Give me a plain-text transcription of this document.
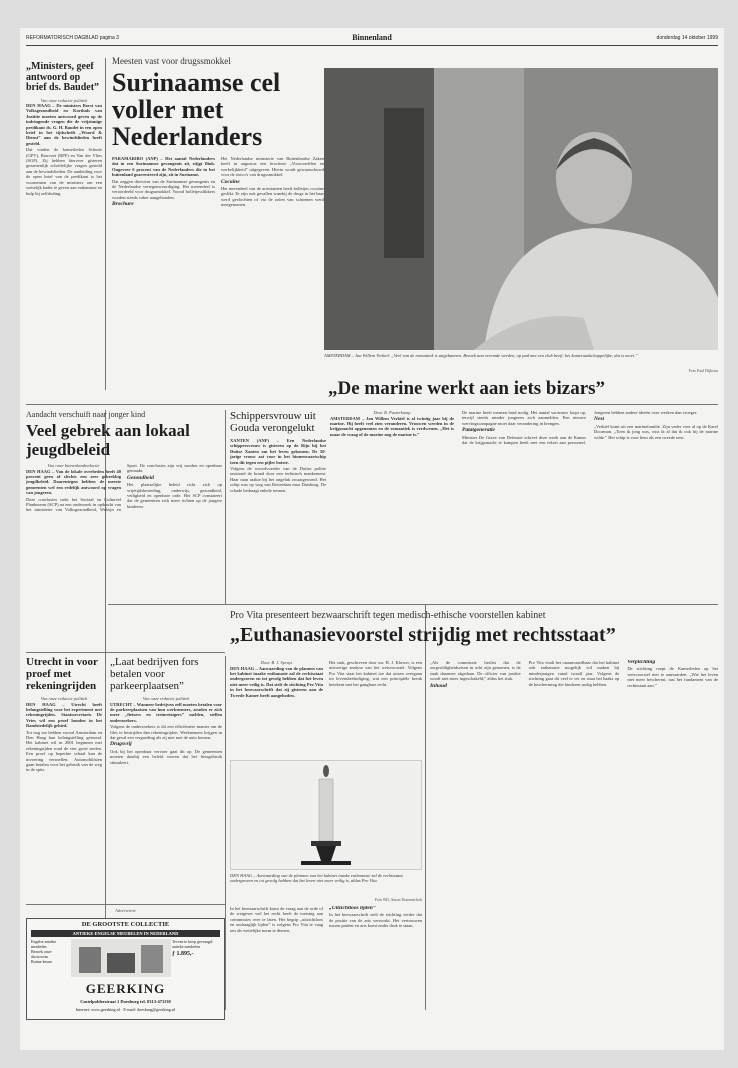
REFORMATORISCH DAGBLAD pagina 3	Binnenland	donderdag 14 oktober 1999
„Ministers, geef antwoord op brief ds. Baudet”
Van onze redactie politiek

DEN HAAG – De ministers Borst van Volksgezondheid en Korthals van Justitie moeten antwoord geven op de indringende vragen die de vrijzinnige predikant ds. G. H. Baudet in een open brief in het tijdschrift „Woord & Dienst” aan de bewindslieden heeft gesteld.

Dat vinden de kamerleden Schutte (GPV), Rouvoet (RPF) en Van der Vlies (SGP). Zij hebben hierover gisteren gezamenlijk schriftelijke vragen gesteld aan de bewindslieden. De aanleiding voor de open brief van de predikant is het voornemen van de ministers om een wettelijk kader te geven aan euthanasie en hulp bij zelfdoding.

Meesten vast voor drugssmokkel
Surinaamse cel voller met Nederlanders

PARAMARIBO (ANP) – Het aantal Nederlanders dat in een Surinaamse gevangenis zit, stijgt flink. Ongeveer 6 procent van de Nederlanders die in het buitenland gearresteerd zijn, zit in Suriname.

Dat zeggen directeur van de Surinaamse gevangenis en de Nederlandse vertegenwoordiging. Het merendeel is veroordeeld voor drugssmokkel. Vooral bolletjesslikkers worden steeds vaker aangehouden.

Brochure

Het Nederlandse ministerie van Buitenlandse Zaken heeft in augustus een brochure „Vooroordelen en werkelijkheid” uitgegeven. Hierin wordt gewaarschuwd voor de risico's van drugssmokkel.

Cocaïne

Het merendeel van de arrestanten heeft bolletjes cocaïne geslikt. Er zijn ook gevallen waarbij de drugs in het haar werd gevlochten of via de zolen van schoenen werd meegenomen.

AMSTERDAM – Jan Willem Verkiel: „Veel van de romantiek is uitgebannen. Bezoek aan vreemde werden, op pad met een club heeft, het kameraadschappelijke, dat is moet.”
Foto Paul Dijkstra
„De marine werkt aan iets bizars”
Aandacht verschuift naar jonger kind
Veel gebrek aan lokaal jeugdbeleid
Van onze binnenlandredactie

DEN HAAG – Van de lokale overheden heeft 40 procent geen of slechts een zeer gebrekkig jeugdbeleid. Daarentegen hebben de meeste gemeenten wel een redelijk antwoord op vragen van jongeren.

Deze conclusies trekt het Sociaal en Cultureel Planbureau (SCP) na een onderzoek in opdracht van het ministerie van Volksgezondheid, Welzijn en Sport. De conclusies zijn vrij somber en openbaar gemaakt.

Gezondheid

Het plaatselijke beleid richt zich op vrijetijdsbesteding, onderwijs, gezondheid, veiligheid en openbare orde. Het SCP constateert dat de gemeenten zich meer richten op de jongere kinderen.

Schippersvrouw uit Gouda verongelukt

XANTEN (ANP) – Een Nederlandse schippersvrouw is gisteren op de Rijn bij het Duitse Xanten om het leven gekomen. De 50-jarige vrouw zat voor in het binnenvaartschip toen dit tegen een pijler botste.

Volgens de woordvoerder van de Duitse politie ontstond de brand door een technisch mankement. Haar man raakte bij het ongeluk zwaargewond. Het schip was op weg van Rotterdam naar Duisburg. De schade bedraagt enkele tonnen.

Door R. Pasterkamp

AMSTERDAM – Jan Willem Verkiel is al twintig jaar bij de marine. Hij heeft veel zien veranderen. Vrouwen werden in de krijgsmacht opgenomen en de romantiek is verdwenen. „Het is maar de vraag of de marine nog de marine is.”

De marine heeft mensen hard nodig. Het aantal vacatures loopt op, terwijl steeds minder jongeren zich aanmelden. Een nieuwe wervingscampagne moet daar verandering in brengen.

Patatgeneratie

Minister De Grave van Defensie schreef deze week aan de Kamer dat de krijgsmacht te kampen heeft met een tekort aan personeel. Jongeren hebben andere ideeën over werken dan vroeger.

Nest

„Verkiel komt uit een marinefamilie. Zijn vader voer al op de Karel Doorman. „Toen ik jong was, wist ik al dat ik ook bij de marine wilde.” Het schip is voor hem als een tweede nest.

Utrecht in voor proef met rekeningrijden
Van onze redactie politiek

DEN HAAG – Utrecht heeft belangstelling voor het experiment met rekeningrijden. Staatssecretaris De Vries wil een proef houden in het Randstedelijk gebied.

Tot nog toe hebben vooral Amsterdam en Den Haag hun belangstelling getoond. Het kabinet wil in 2001 beginnen met rekeningrijden rond de vier grote steden. Een proef op beperkte schaal kan de invoering versnellen. Automobilisten gaan betalen voor het gebruik van de weg in de spits.

„Laat bedrijven fors betalen voor parkeerplaatsen”
Van onze redactie politiek

UTRECHT – Wanneer bedrijven zelf moeten betalen voor de parkeerplaatsen van hun werknemers, zouden er zich meer „fietsers en treinreizigers” melden, stellen onderzoekers.

Volgens de onderzoekers is dit een efficiëntere manier om de files te bestrijden dan rekeningrijden. Werknemers krijgen in dat geval een vergoeding als zij niet met de auto komen.

Drugsvrij

Ook bij het openbaar vervoer gaat dit op. De gemeenten moeten daarbij een beleid voeren dat het fietsgebruik stimuleert.

Advertentie
DE GROOTSTE COLLECTIE
ANTIEKE ENGELSE MEUBELEN IN NEDERLAND
Engelse antieke meubelen
Bezoek onze showroom
Ruime keuze
Tevens te koop gevraagd:
antieke meubelen
ƒ 1.895,-
GEERKING
Castelpolderstraat 1 Doesburg tel. 0313-471130
Internet: www.geerking.nl · E-mail: doesburg@geerking.nl
Pro Vita presenteert bezwaarschrift tegen medisch-ethische voorstellen kabinet
„Euthanasievoorstel strijdig met rechtsstaat”
Door B. J. Spruyt

DEN HAAG – Aanvaarding van de plannen van het kabinet inzake euthanasie zal de rechtsstaat ondergraven en tot gevolg hebben dat het leven niet meer veilig is. Dat stelt de stichting Pro Vita in het bezwaarschrift dat zij gisteren aan de Tweede Kamer heeft aangeboden.

Het stuk, geschreven door mr. H. J. Kluwer, is een uitvoerige analyse van het wetsvoorstel. Volgens Pro Vita staat het kabinet toe dat artsen overgaan tot levensbeëindiging, wat een principiële breuk betekent met het gangbare recht.

DEN HAAG – Aanvaarding van de plannen van het kabinet inzake euthanasie zal de rechtsstaat ondergraven en tot gevolg hebben dat het leven niet meer veilig is, aldus Pro Vita.
Foto RD, Anton Dommerholt

In het bezwaarschrift komt de vraag aan de orde of de wetgever wel het recht heeft de toetsing aan commissies over te laten. Het begrip „uitzichtloos en ondraaglijk lijden” is volgens Pro Vita te vaag om als wettelijke norm te dienen.

„Uitzichtloos lijden”

In het bezwaarschrift stelt de stichting verder dat de positie van de arts verzwakt. Het vertrouwen tussen patiënt en arts komt onder druk te staan.

„Als de commissie beslist dat de zorgvuldigheidseisen in acht zijn genomen, is de zaak daarmee afgedaan. De officier van justitie wordt niet meer ingeschakeld,” aldus het stuk.

Inhoud

Pro Vita vindt het onaanvaardbaar dat het kabinet ook euthanasie mogelijk wil maken bij minderjarigen vanaf twaalf jaar. Volgens de stichting gaat dit veel te ver en staat het haaks op de bescherming die kinderen nodig hebben.

Verplichting

De stichting roept de Kamerleden op het wetsvoorstel niet te aanvaarden. „Wie het leven niet meer beschermt, tast het fundament van de rechtsstaat aan.”
